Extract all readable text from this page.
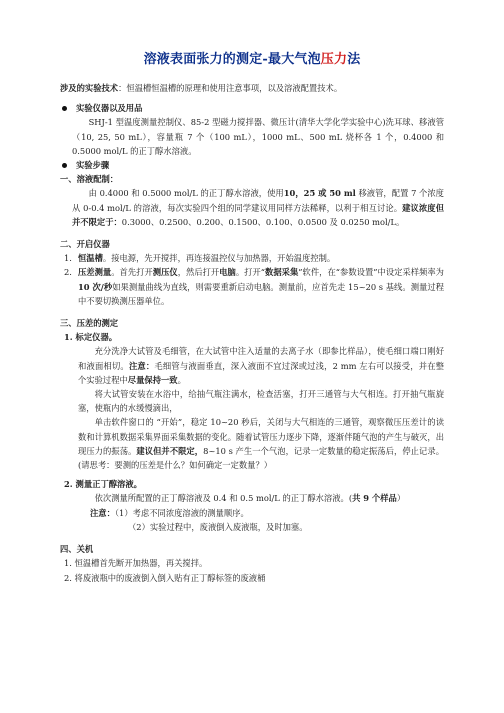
溶液表面张力的测定-最大气泡压力法

涉及的实验技术：恒温槽恒温槽的原理和使用注意事项，以及溶液配置技术。

实验仪器以及用品

SHJ-1 型温度测量控制仪、85-2 型磁力搅拌器、微压计(清华大学化学实验中心)洗耳球、移液管（10, 25, 50 mL），容量瓶 7 个（100 mL），1000 mL、500 mL 烧杯各 1 个，0.4000 和 0.5000 mol/L 的正丁醇水溶液。

实验步骤
一、溶液配制：

由 0.4000 和 0.5000 mol/L 的正丁醇水溶液，使用10，25 或 50 ml 移液管，配置 7 个浓度从 0-0.4 mol/L 的溶液，每次实验四个组的同学建议用同样方法稀释，以利于相互讨论。建议浓度但并不限定于：0.3000、0.2500、0.200、0.1500、0.100、0.0500 及 0.0250 mol/L。

二、开启仪器
1. 恒温槽。接电源，先开搅拌，再连接温控仪与加热器，开始温度控制。
2. 压差测量。首先打开测压仪，然后打开电脑。打开“数据采集”软件，在“参数设置”中设定采样频率为 10 次/秒如果测量曲线为直线，则需要重新启动电脑。测量前，应首先走 15~20 s 基线。测量过程中不要切换测压器单位。
三、压差的测定
1. 标定仪器。

充分洗净大试管及毛细管，在大试管中注入适量的去离子水（即参比样品），使毛细口端口刚好和液面相切。注意：毛细管与液面垂直，深入液面不宜过深或过浅，2 mm 左右可以接受，并在整个实验过程中尽量保持一致。

将大试管安装在水浴中，给抽气瓶注满水，检查活塞，打开三通管与大气相连。打开抽气瓶旋塞，使瓶内的水缓慢滴出，

单击软件窗口的 “开始”，稳定 10~20 秒后，关闭与大气相连的三通管，观察微压压差计的读数和计算机数据采集界面采集数据的变化。随着试管压力逐步下降，逐渐伴随气泡的产生与破灭，出现压力的振荡。建议但并不限定，8~10 s 产生一个气泡，记录一定数量的稳定振荡后，停止记录。(请思考：要测的压差是什么？如何确定一定数量？）

2. 测量正丁醇溶液。

依次测量所配置的正丁醇溶液及 0.4 和 0.5 mol/L 的正丁醇水溶液。(共 9 个样品）

注意：（1）考虑不同浓度溶液的测量顺序。

（2）实验过程中，废液倒入废液瓶，及时加塞。

四、关机

1. 恒温槽首先断开加热器，再关搅拌。

2. 将废液瓶中的废液倒入倒入贴有正丁醇标签的废液桶
